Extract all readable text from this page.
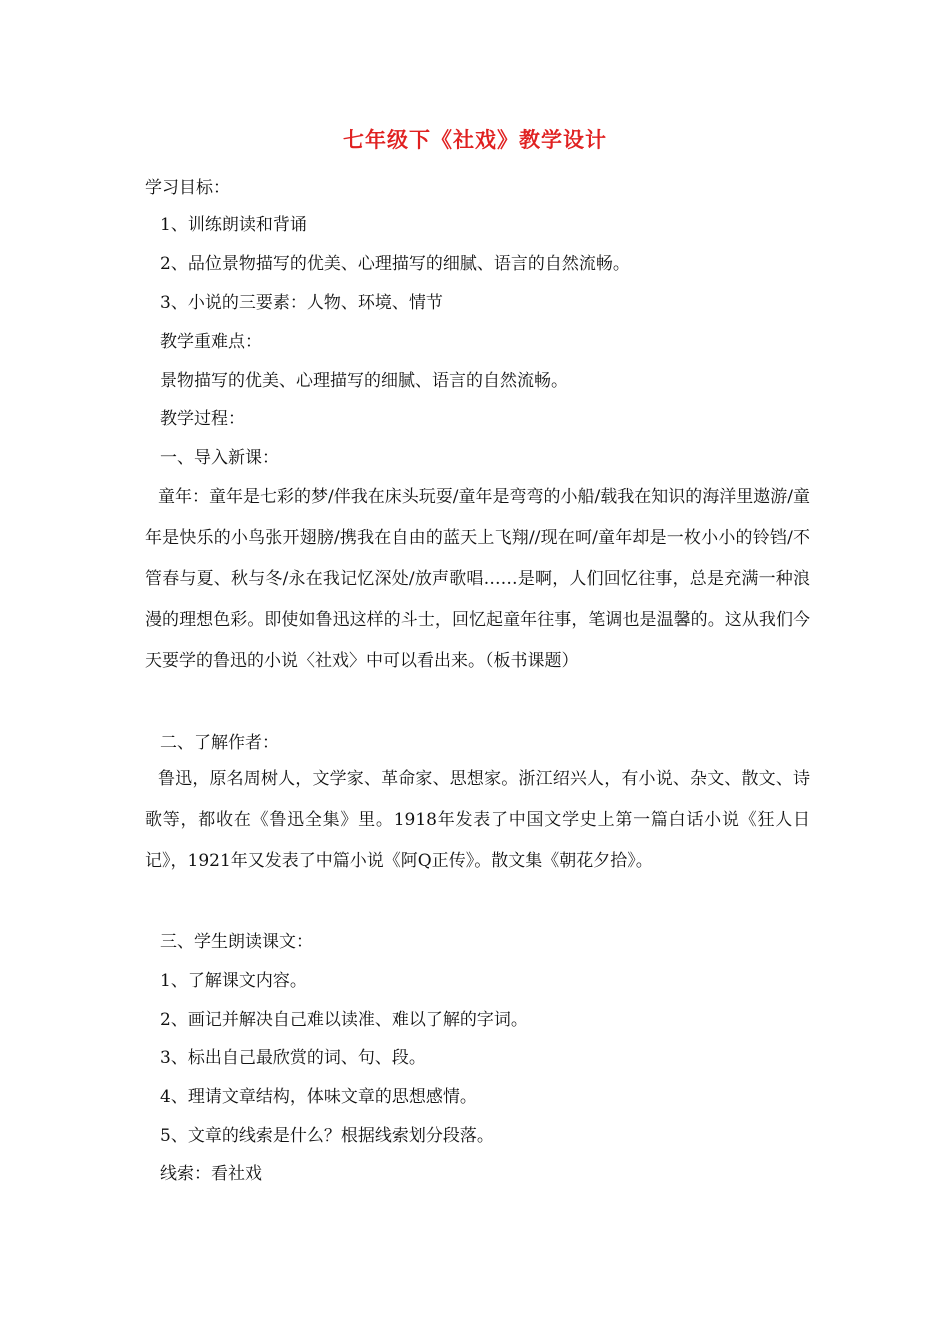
七年级下《社戏》教学设计
学习目标：
1、训练朗读和背诵
2、品位景物描写的优美、心理描写的细腻、语言的自然流畅。
3、小说的三要素：人物、环境、情节
教学重难点：
景物描写的优美、心理描写的细腻、语言的自然流畅。
教学过程：
一、导入新课：
童年：童年是七彩的梦/伴我在床头玩耍/童年是弯弯的小船/载我在知识的海洋里遨游/童年是快乐的小鸟张开翅膀/携我在自由的蓝天上飞翔//现在呵/童年却是一枚小小的铃铛/不管春与夏、秋与冬/永在我记忆深处/放声歌唱……是啊，人们回忆往事，总是充满一种浪漫的理想色彩。即使如鲁迅这样的斗士，回忆起童年往事，笔调也是温馨的。这从我们今天要学的鲁迅的小说〈社戏〉中可以看出来。（板书课题）
二、了解作者：
鲁迅，原名周树人，文学家、革命家、思想家。浙江绍兴人，有小说、杂文、散文、诗歌等，都收在《鲁迅全集》里。1918年发表了中国文学史上第一篇白话小说《狂人日记》，1921年又发表了中篇小说《阿Q正传》。散文集《朝花夕拾》。
三、学生朗读课文：
1、了解课文内容。
2、画记并解决自己难以读准、难以了解的字词。
3、标出自己最欣赏的词、句、段。
4、理请文章结构，体味文章的思想感情。
5、文章的线索是什么？根据线索划分段落。
线索：看社戏
